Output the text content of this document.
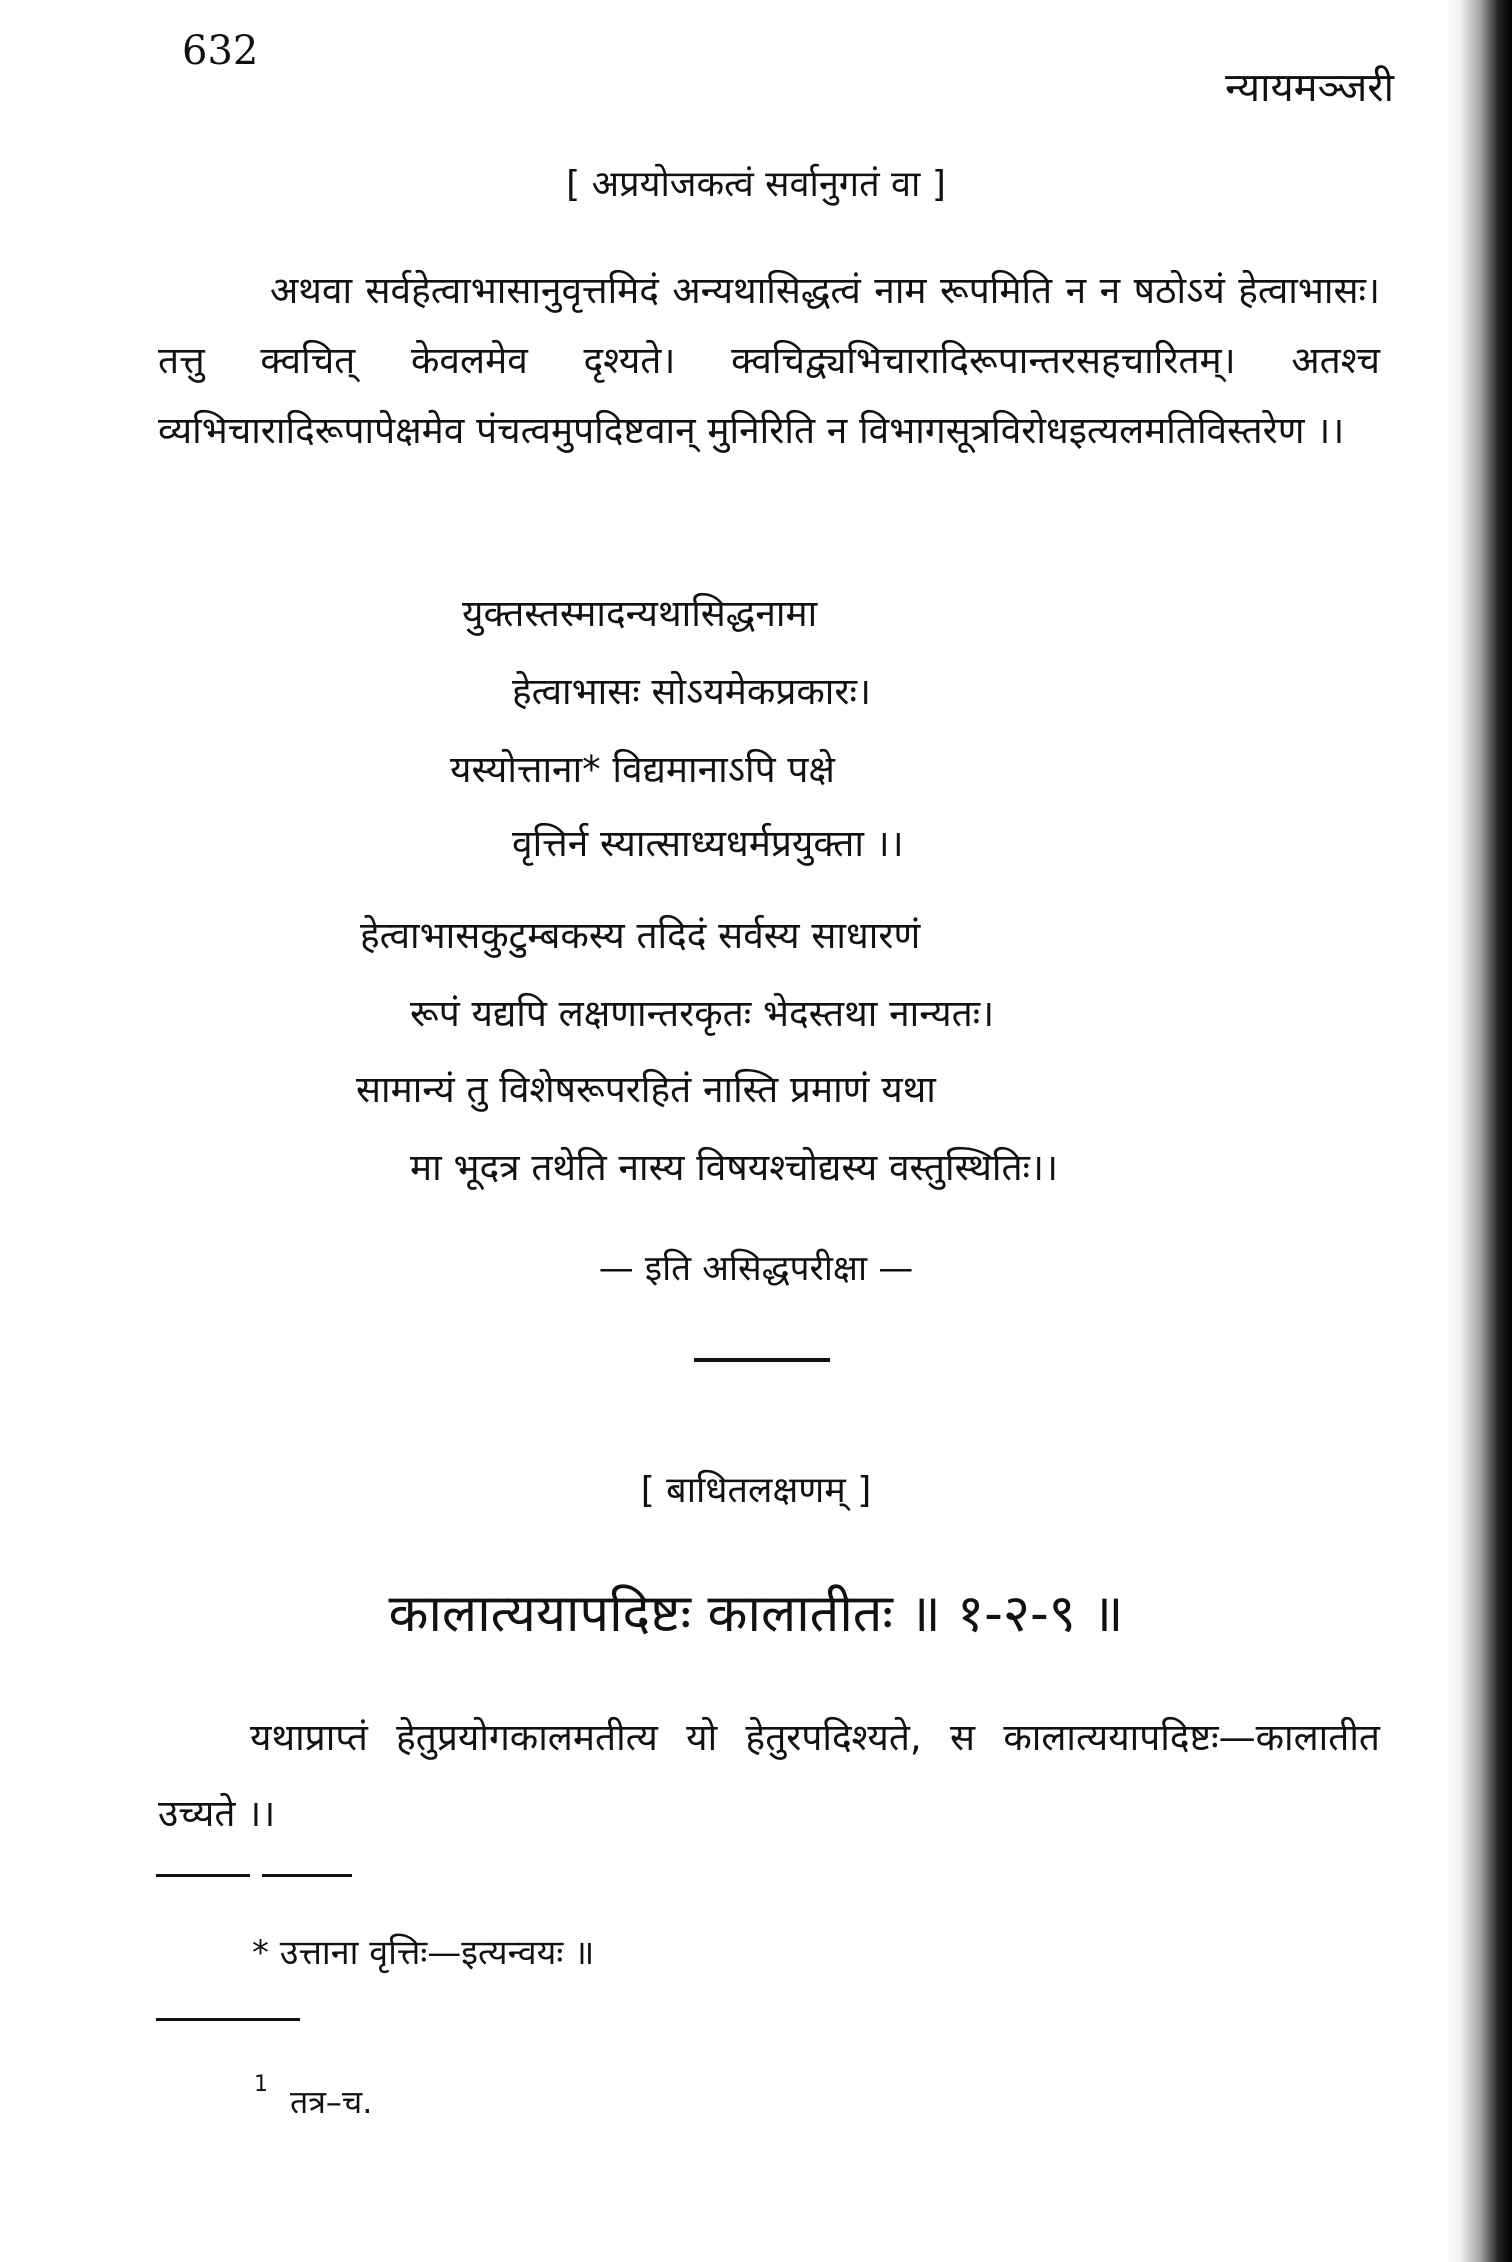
632
न्यायमञ्जरी
[ अप्रयोजकत्वं सर्वानुगतं वा ]
अथवा सर्वहेत्वाभासानुवृत्तमिदं अन्यथासिद्धत्वं नाम रूपमिति न न षठोऽयं हेत्वाभासः। तत्तु क्वचित् केवलमेव दृश्यते। क्वचिद्व्यभिचारादिरूपान्तरसहचारितम्। अतश्च व्यभिचारादिरूपापेक्षमेव पंचत्वमुपदिष्टवान् मुनिरिति न विभागसूत्रविरोधइत्यलमतिविस्तरेण ।।
युक्तस्तस्मादन्यथासिद्धनामा
हेत्वाभासः सोऽयमेकप्रकारः।
यस्योत्ताना* विद्यमानाऽपि पक्षे
वृत्तिर्न स्यात्साध्यधर्मप्रयुक्ता ।।
हेत्वाभासकुटुम्बकस्य तदिदं सर्वस्य साधारणं
रूपं यद्यपि लक्षणान्तरकृतः भेदस्तथा नान्यतः।
सामान्यं तु विशेषरूपरहितं नास्ति प्रमाणं यथा
मा भूदत्र तथेति नास्य विषयश्चोद्यस्य वस्तुस्थितिः।।
— इति असिद्धपरीक्षा —
[ बाधितलक्षणम् ]
कालात्ययापदिष्टः कालातीतः ॥ १-२-९ ॥
यथाप्राप्तं हेतुप्रयोगकालमतीत्य यो हेतुरपदिश्यते, स कालात्ययापदिष्टः—कालातीत उच्यते ।।
* उत्ताना वृत्तिः—इत्यन्वयः ॥
1 तत्र–च.
